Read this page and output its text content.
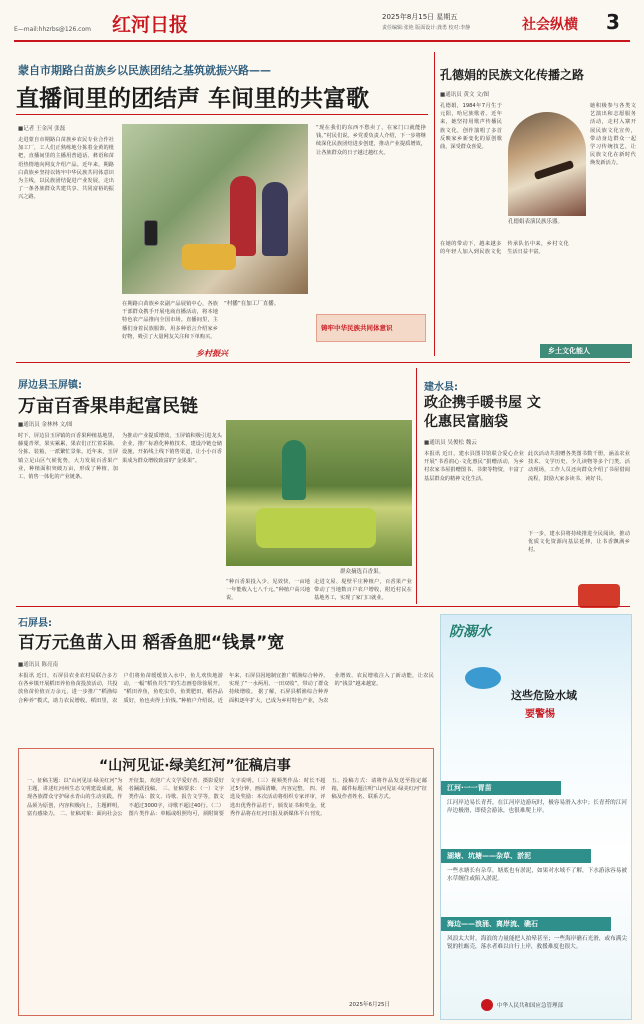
E—mail:hhzrbs@126.com 红河日报	2025年8月15日 星期五
责任编辑:张艳 版面设计:龚勇 校对:李静	社会纵横 3
蒙自市期路白苗族乡以民族团结之基筑就振兴路——
直播间里的团结声 车间里的共富歌
■记者 王金河 张磊
走进蒙自市期路白苗族乡农民专业合作社加工厂，工人们正熟练地分拣着金黄的枇杷，直播间里的主播用普通话、彝语和苗语热情地向网友介绍产品。近年来，期路白苗族乡坚持以铸牢中华民族共同体意识为主线，以民族团结促进产业发展，走出了一条各族群众共建共享、共同富裕的振兴之路。
“村播”在加工厂直播。
在期路白苗族乡农副产品展销中心，各族干部群众携手开展电商直播活动，将本地特色农产品推向全国市场。直播间里，主播们身着民族服饰，用多种语言介绍家乡好物，吸引了大量网友关注和下单购买。
“现在我们的东西不愁卖了，在家门口就能挣钱。”村民们说。乡党委负责人介绍，下一步将继续深化民族团结进步创建，推动产业提质增效，让各族群众的日子越过越红火。
铸牢中华民族共同体意识
乡村振兴
孔德娟的民族文化传播之路
■通讯员 黄文 文/图
孔德娟，1984年7月生于元阳，哈尼族歌者。近年来，她坚持用歌声传播民族文化，创作演唱了多首反映家乡新变化的原创歌曲，深受群众喜爱。
孔德娟表演民族乐器。
她积极参与各类文艺演出和志愿服务活动，走村入寨开展民族文化宣传，带动身边群众一起学习传统技艺，让民族文化在新时代焕发新活力。
在她的带动下，越来越多的年轻人加入到民族文化传承队伍中来，乡村文化生活日益丰富。
乡土文化能人
屏边县玉屏镇:
万亩百香果串起富民链
■通讯员 金林林 文/图
时下，屏边县玉屏镇的百香果种植基地里，藤蔓青翠，果实累累，果农们正忙着采摘、分拣、装箱，一派繁忙景象。近年来，玉屏镇立足山区气候优势，大力发展百香果产业，种植面积突破万亩，形成了种植、加工、销售一体化的产业链条。
为推动产业提质增效，玉屏镇积极引进龙头企业，推广标准化种植技术，建设冷链仓储设施，开拓线上线下销售渠道，让小小百香果成为群众增收致富的“金果果”。
群众摘选百香果。
“种百香果投入少、见效快，一亩地一年能收入七八千元。”种植户高兴地说。
走进文屋、堤壁平庄种植户，百香果产业带动了当地数百户农户增收，附近村民在基地务工，实现了家门口就业。
建水县:
政企携手暖书屋 文化惠民富脑袋
■通讯员 吴俊松 魏云
本报讯 近日，建水县图书馆联合爱心企业开展“书香润心·文化惠民”捐赠活动，为乡村农家书屋捐赠图书、书架等物资，丰富了基层群众的精神文化生活。
此次活动共捐赠各类图书数千册，涵盖农业技术、文学历史、少儿读物等多个门类。活动现场，工作人员还向群众介绍了书屋借阅流程，鼓励大家多读书、读好书。
下一步，建水县将持续推进全民阅读，推动优质文化资源向基层延伸，让书香飘满乡村。
石屏县:
百万元鱼苗入田 稻香鱼肥“钱景”宽
■通讯员 陈亮南
本报讯 近日，石屏县农业农村局联合多方在各乡镇开展稻田养鱼鱼苗投放活动，共投放鱼苗价值百万余元，进一步推广“稻渔综合种养”模式，助力农民增收。稻田里，农户们将鱼苗缓缓放入水中，鱼儿欢快地游动，一幅“稻鱼共生”的生态画卷徐徐展开。 “稻田养鱼，鱼吃虫草，鱼粪肥田，稻谷品质好，鱼也卖得上价钱。”种植户介绍说。近年来，石屏县因地制宜推广稻渔综合种养，实现了“一水两用、一田双收”，带动了群众持续增收。 据了解，石屏县稻渔综合种养面积逐年扩大，已成为乡村特色产业，为农业增效、农民增收注入了新动能，让农民的“钱景”越来越宽。
“山河见证·绿美红河”征稿启事
一、征稿主题：以“山河见证·绿美红河”为主题，讲述红河州生态文明建设成就，展现各族群众守护绿水青山的生动实践。作品须为原创，内容积极向上，主题鲜明，富有感染力。 二、征稿对象：面向社会公开征集，欢迎广大文学爱好者、摄影爱好者踊跃投稿。 三、征稿要求：（一）文字类作品：散文、诗歌、报告文学等，散文不超过3000字，诗歌不超过40行。（二）图片类作品：单幅或组照均可，须附简要文字说明。（三）视频类作品：时长不超过5分钟，画面清晰，内容完整。 四、评选及奖励：本次活动将组织专家评审，评选出优秀作品若干，颁发证书和奖金，优秀作品将在红河日报及新媒体平台刊发。 五、投稿方式：请将作品发送至指定邮箱，邮件标题注明“山河见证·绿美红河”征稿及作者姓名、联系方式。
2025年6月25日
防溺水
这些危险水域
要警惕
江河·一一胃苗
江河岸边易长青苔，在江河岸边游玩时，极容易滑入水中；长青苔的江河岸边极滑，即使会游泳，也很难爬上岸。
湖塘、坑塘——杂草、淤泥
一些水塘长有杂草，塘底也有淤泥，如果对水域不了解，下水游泳容易被水草缠住或陷入淤泥。
海边——浪涌、离岸流、礁石
风浪太大时，海浪的力量能把人拍晕甚至；一些海岸礁石光滑，或布满尖锐的牡蛎壳，落水者难以自行上岸，救援难度也很大。
中华人民共和国应急管理部
